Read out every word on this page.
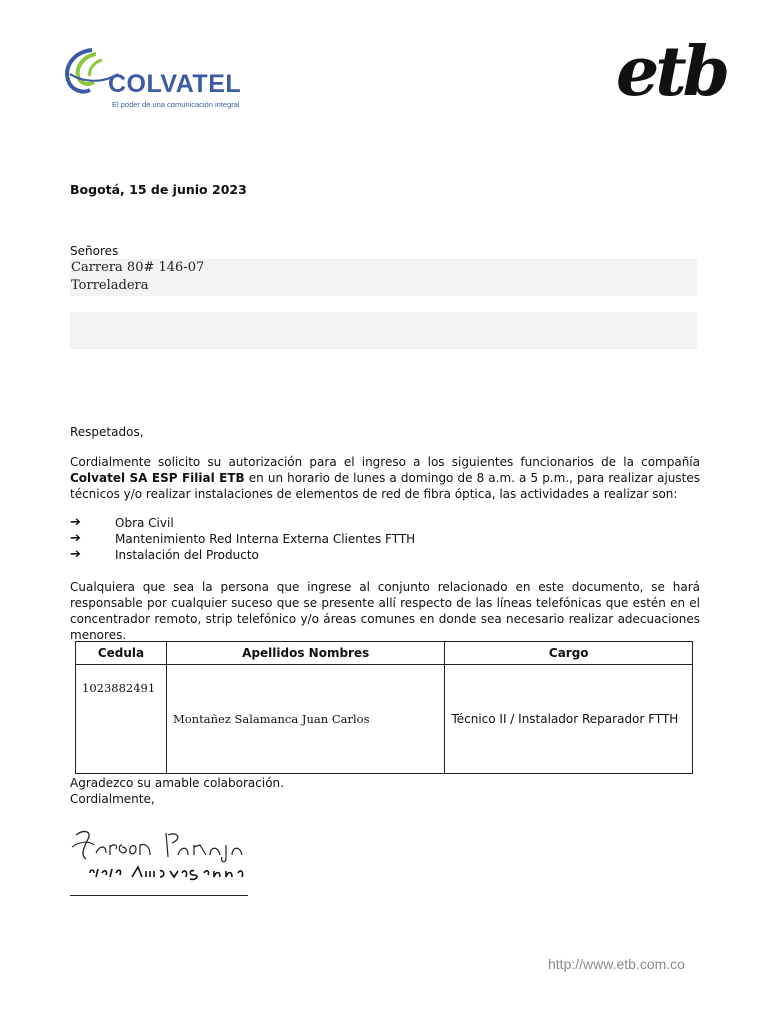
COLVATEL
El poder de una comunicación integral	etb
Bogotá, 15 de junio 2023
Señores
Carrera 80# 146-07
Torreladera
Respetados,
Cordialmente solicito su autorización para el ingreso a los siguientes funcionarios de la compañía Colvatel SA ESP Filial ETB en un horario de lunes a domingo de 8 a.m. a 5 p.m., para realizar ajustes técnicos y/o realizar instalaciones de elementos de red de fibra óptica, las actividades a realizar son:
➔	Obra Civil
➔	Mantenimiento Red Interna Externa Clientes FTTH
➔	Instalación del Producto
Cualquiera que sea la persona que ingrese al conjunto relacionado en este documento, se hará responsable por cualquier suceso que se presente allí respecto de las líneas telefónicas que estén en el concentrador remoto, strip telefónico y/o áreas comunes en donde sea necesario realizar adecuaciones menores.
Cedula	Apellidos Nombres	Cargo
1023882491	Montañez Salamanca Juan Carlos	Técnico II / Instalador Reparador FTTH
Agradezco su amable colaboración.
Cordialmente,
http://www.etb.com.co
